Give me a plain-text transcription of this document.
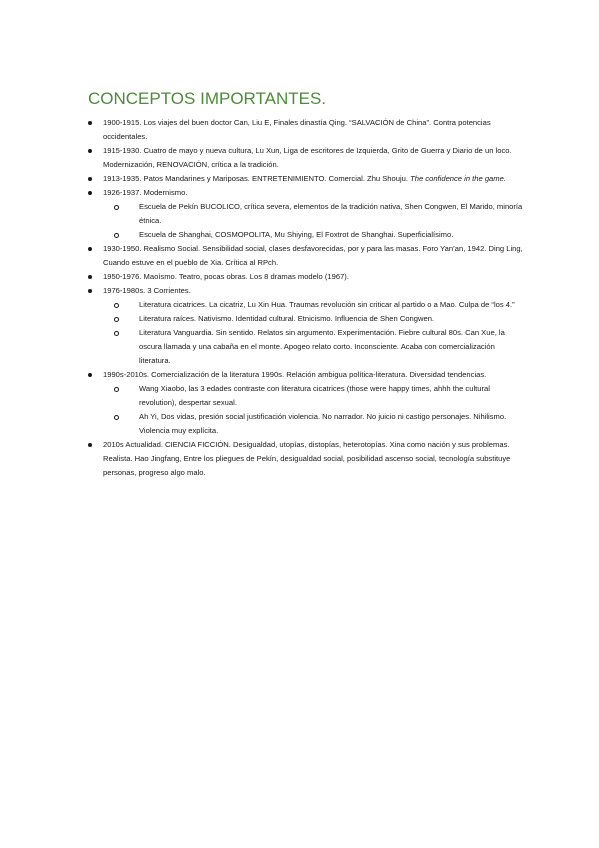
CONCEPTOS IMPORTANTES.
1900-1915. Los viajes del buen doctor Can, Liu E, Finales dinastía Qing. “SALVACIÓN de China”. Contra potencias occidentales.
1915-1930. Cuatro de mayo y nueva cultura, Lu Xun, Liga de escritores de Izquierda, Grito de Guerra y Diario de un loco. Modernización, RENOVACIÓN, crítica a la tradición.
1913-1935. Patos Mandarines y Mariposas. ENTRETENIMIENTO. Comercial. Zhu Shouju. The confidence in the game.
1926-1937. Modernismo.
Escuela de Pekín BUCOLICO, crítica severa, elementos de la tradición nativa, Shen Congwen, El Marido, minoría étnica.
Escuela de Shanghai, COSMOPOLITA, Mu Shiying, El Foxtrot de Shanghai. Superficialísimo.
1930-1950. Realismo Social. Sensibilidad social, clases desfavorecidas, por y para las masas. Foro Yan’an, 1942. Ding Ling, Cuando estuve en el pueblo de Xia. Crítica al RPch.
1950-1976. Maoísmo. Teatro, pocas obras. Los 8 dramas modelo (1967).
1976-1980s. 3 Corrientes.
Literatura cicatrices. La cicatriz, Lu Xin Hua. Traumas revolución sin criticar al partido o a Mao. Culpa de “los 4.”
Literatura raíces. Nativismo. Identidad cultural. Etnicismo. Influencia de Shen Congwen.
Literatura Vanguardia. Sin sentido. Relatos sin argumento. Experimentación. Fiebre cultural 80s. Can Xue, la oscura llamada y una cabaña en el monte. Apogeo relato corto. Inconsciente. Acaba con comercialización literatura.
1990s-2010s. Comercialización de la literatura 1990s. Relación ambigua política-literatura. Diversidad tendencias.
Wang Xiaobo, las 3 edades contraste con literatura cicatrices (those were happy times, ahhh the cultural revolution), despertar sexual.
Ah Yi, Dos vidas, presión social justificación violencia. No narrador. No juicio ni castigo personajes. Nihilismo. Violencia muy explícita.
2010s Actualidad. CIENCIA FICCIÓN. Desigualdad, utopías, distopías, heterotopías. Xina como nación y sus problemas. Realista. Hao Jingfang, Entre los pliegues de Pekín, desigualdad social, posibilidad ascenso social, tecnología substituye personas, progreso algo malo.
